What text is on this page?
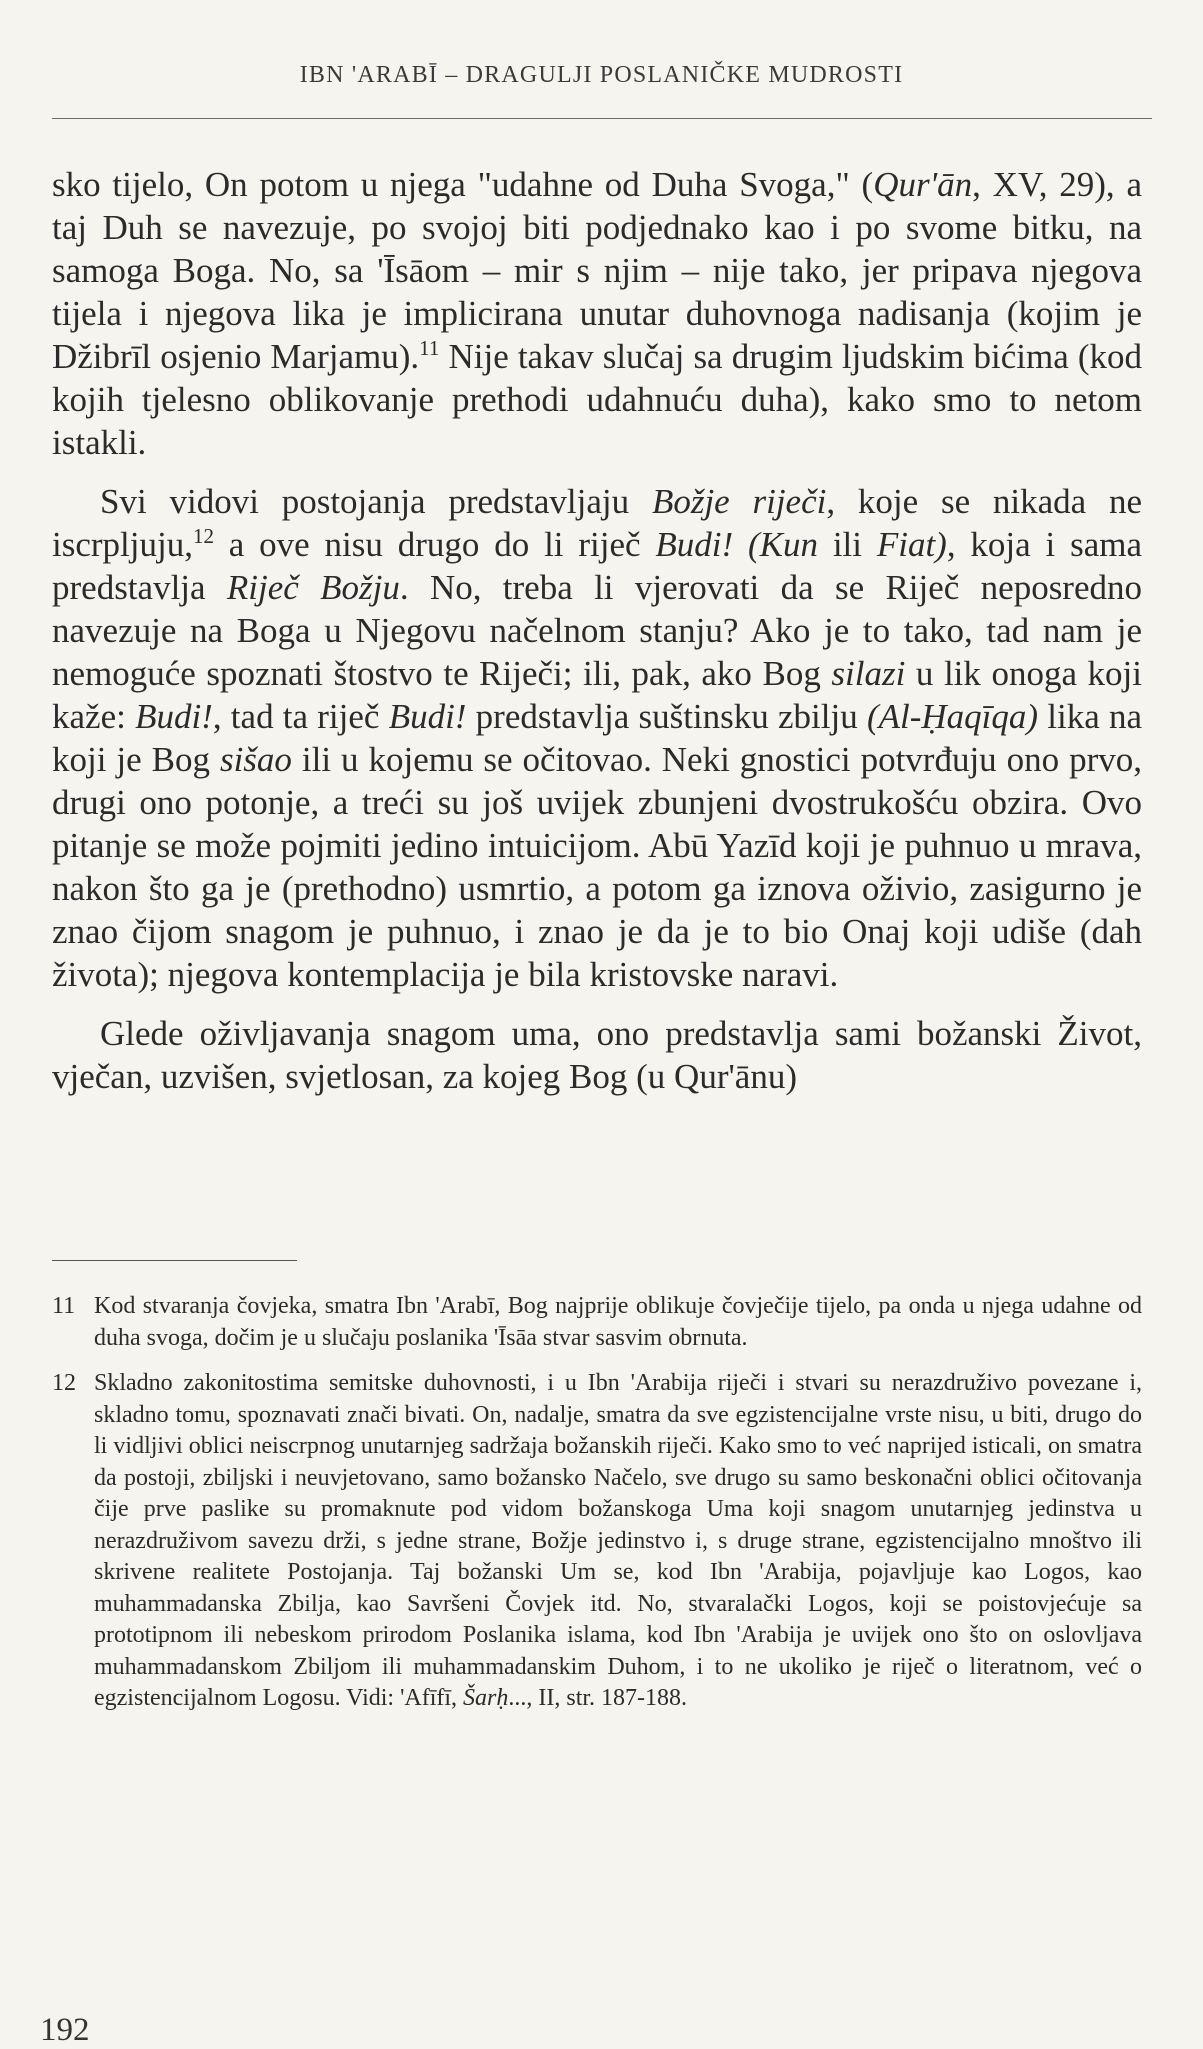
IBN 'ARABĪ – DRAGULJI POSLANIČKE MUDROSTI

sko tijelo, On potom u njega "udahne od Duha Svoga," (Qur'ān, XV, 29), a taj Duh se navezuje, po svojoj biti podjednako kao i po svome bitku, na samoga Boga. No, sa 'Īsāom – mir s njim – nije tako, jer pripava njegova tijela i njegova lika je implicirana unutar duhovnoga nadisanja (kojim je Džibrīl osjenio Marjamu).$^{11}$ Nije takav slučaj sa drugim ljudskim bićima (kod kojih tjelesno oblikovanje prethodi udahnuću duha), kako smo to netom istakli.

Svi vidovi postojanja predstavljaju Božje riječi, koje se nikada ne iscrpljuju,$^{12}$ a ove nisu drugo do li riječ Budi! (Kun ili Fiat), koja i sama predstavlja Riječ Božju. No, treba li vjerovati da se Riječ neposredno navezuje na Boga u Njegovu načelnom stanju? Ako je to tako, tad nam je nemoguće spoznati štostvo te Riječi; ili, pak, ako Bog silazi u lik onoga koji kaže: Budi!, tad ta riječ Budi! predstavlja suštinsku zbilju (Al-Ḥaqīqa) lika na koji je Bog sišao ili u kojemu se očitovao. Neki gnostici potvrđuju ono prvo, drugi ono potonje, a treći su još uvijek zbunjeni dvostrukošću obzira. Ovo pitanje se može pojmiti jedino intuicijom. Abū Yazīd koji je puhnuo u mrava, nakon što ga je (prethodno) usmrtio, a potom ga iznova oživio, zasigurno je znao čijom snagom je puhnuo, i znao je da je to bio Onaj koji udiše (dah života); njegova kontemplacija je bila kristovske naravi.

Glede oživljavanja snagom uma, ono predstavlja sami božanski Život, vječan, uzvišen, svjetlosan, za kojeg Bog (u Qur'ānu)

11 Kod stvaranja čovjeka, smatra Ibn 'Arabī, Bog najprije oblikuje čovječije tijelo, pa onda u njega udahne od duha svoga, dočim je u slučaju poslanika 'Īsāa stvar sasvim obrnuta.
12 Skladno zakonitostima semitske duhovnosti, i u Ibn 'Arabija riječi i stvari su nerazdruživo povezane i, skladno tomu, spoznavati znači bivati. On, nadalje, smatra da sve egzistencijalne vrste nisu, u biti, drugo do li vidljivi oblici neiscrpnog unutarnjeg sadržaja božanskih riječi. Kako smo to već naprijed isticali, on smatra da postoji, zbiljski i neuvjetovano, samo božansko Načelo, sve drugo su samo beskonačni oblici očitovanja čije prve paslike su promaknute pod vidom božanskoga Uma koji snagom unutarnjeg jedinstva u nerazdruživom savezu drži, s jedne strane, Božje jedinstvo i, s druge strane, egzistencijalno mnoštvo ili skrivene realitete Postojanja. Taj božanski Um se, kod Ibn 'Arabija, pojavljuje kao Logos, kao muhammadanska Zbilja, kao Savršeni Čovjek itd. No, stvaralački Logos, koji se poistovjećuje sa prototipnom ili nebeskom prirodom Poslanika islama, kod Ibn 'Arabija je uvijek ono što on oslovljava muhammadanskom Zbiljom ili muhammadanskim Duhom, i to ne ukoliko je riječ o literatnom, već o egzistencijalnom Logosu. Vidi: 'Afīfī, Šarḥ..., II, str. 187-188.
192
